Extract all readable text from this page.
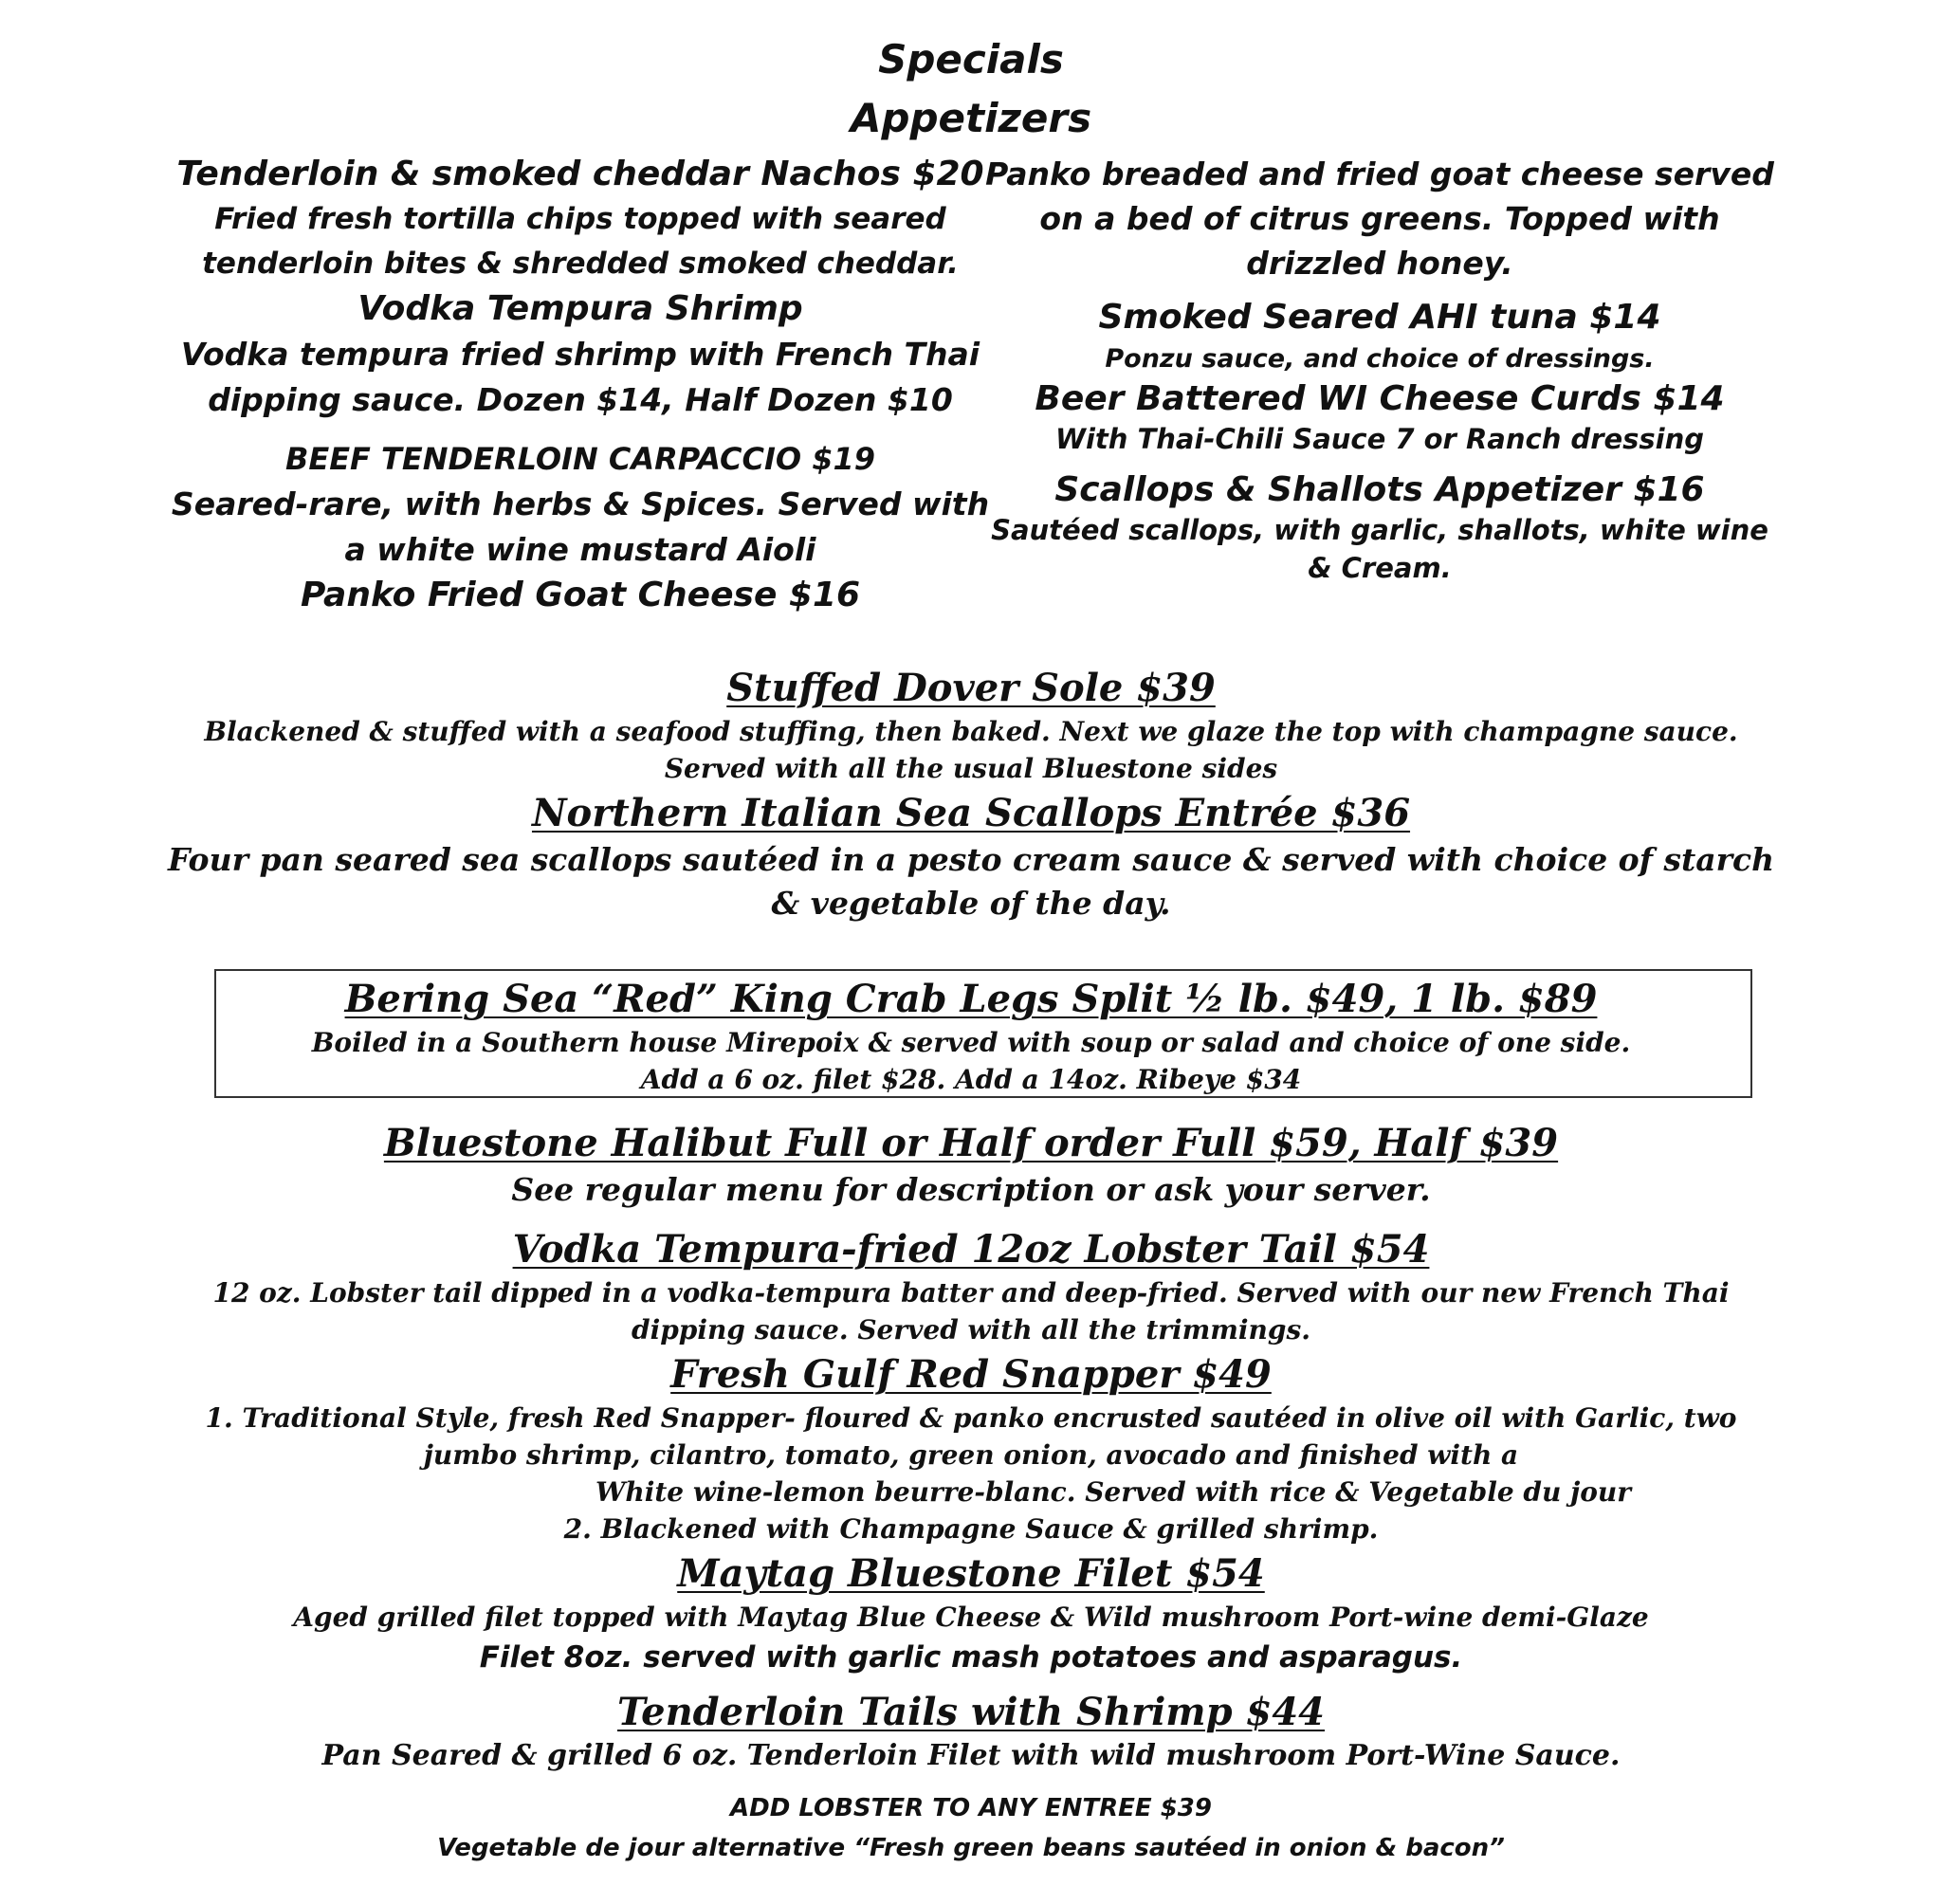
Specials
Appetizers
Tenderloin & smoked cheddar Nachos $20
Fried fresh tortilla chips topped with seared
tenderloin bites & shredded smoked cheddar.
Vodka Tempura Shrimp
Vodka tempura fried shrimp with French Thai
dipping sauce. Dozen $14, Half Dozen $10
BEEF TENDERLOIN CARPACCIO $19
Seared-rare, with herbs & Spices. Served with
a white wine mustard Aioli
Panko Fried Goat Cheese $16
Panko breaded and fried goat cheese served
on a bed of citrus greens. Topped with
drizzled honey.
Smoked Seared AHI tuna $14
Ponzu sauce, and choice of dressings.
Beer Battered WI Cheese Curds $14
With Thai-Chili Sauce 7 or Ranch dressing
Scallops & Shallots Appetizer $16
Sautéed scallops, with garlic, shallots, white wine
& Cream.
Stuffed Dover Sole $39
Blackened & stuffed with a seafood stuffing, then baked. Next we glaze the top with champagne sauce.
Served with all the usual Bluestone sides
Northern Italian Sea Scallops Entrée $36
Four pan seared sea scallops sautéed in a pesto cream sauce & served with choice of starch
& vegetable of the day.
Bering Sea “Red” King Crab Legs Split ½ lb. $49, 1 lb. $89
Boiled in a Southern house Mirepoix & served with soup or salad and choice of one side.
Add a 6 oz. filet $28. Add a 14oz. Ribeye $34
Bluestone Halibut Full or Half order Full $59, Half $39
See regular menu for description or ask your server.
Vodka Tempura-fried 12oz Lobster Tail $54
12 oz. Lobster tail dipped in a vodka-tempura batter and deep-fried. Served with our new French Thai
dipping sauce. Served with all the trimmings.
Fresh Gulf Red Snapper $49
1. Traditional Style, fresh Red Snapper- floured & panko encrusted sautéed in olive oil with Garlic, two
jumbo shrimp, cilantro, tomato, green onion, avocado and finished with a
White wine-lemon beurre-blanc. Served with rice & Vegetable du jour
2. Blackened with Champagne Sauce & grilled shrimp.
Maytag Bluestone Filet $54
Aged grilled filet topped with Maytag Blue Cheese & Wild mushroom Port-wine demi-Glaze
Filet 8oz. served with garlic mash potatoes and asparagus.
Tenderloin Tails with Shrimp $44
Pan Seared & grilled 6 oz. Tenderloin Filet with wild mushroom Port-Wine Sauce.
ADD LOBSTER TO ANY ENTREE $39
Vegetable de jour alternative “Fresh green beans sautéed in onion & bacon”
